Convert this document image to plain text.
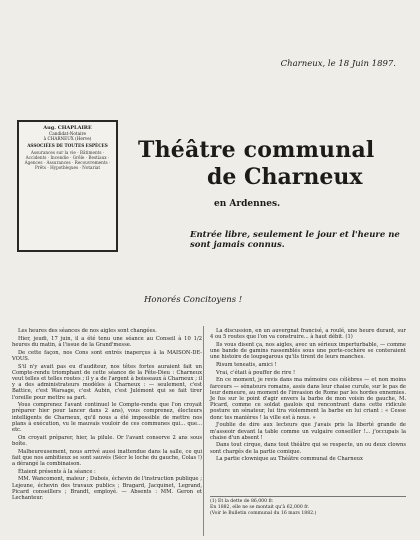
Charneux, le 18 Juin 1897.
Aug. CHAPLAIRE
Candidat-Notaire
à CHARNEUX (Herve)
ASSOCIÉES DE TOUTES ESPÈCES
Assurances sur la vie · Bâtiments · Accidents · Incendie · Grêle · Bestiaux · Agences · Assurances · Recouvrements · Prêts · Hypothèques · Notariat
Théâtre communal
de Charneux
en Ardennes.
Entrée libre, seulement le jour et l'heure ne sont jamais connus.
Honorés Concitoyens !

Les heures des séances de nos aigles sont changées.

Hier, jeudi, 17 juin, il a été tenu une séance au Conseil à 10 1/2 heures du matin, à l'issue de la Grand'messe.

De cette façon, nos Cons sont entrés inaperçus à la MAISON-DE-VOUS.

S'il n'y avait pas eu d'auditeur, nos têtes fortes auraient fait un Compte-rendu triomphant de cette séance de la Fête-Dieu : Charneux veut telles et telles routes ; il y a de l'argent à boisseaux à Charneux ; il y a des administrateurs modèles à Charneux : — seulement, c'est Battice, c'est Warsage, c'est Aubin, c'est Julémont qui se fait tirer l'oreille pour mettre sa part.

Vous comprenez l'avant continuel le Compte-rendu que l'on croyait préparer hier pour lancer dans 2 ans), vous comprenez, électeurs intelligents de Charneux, qu'il nous a été impossible de mettre nos plans à exécution, vu le mauvais vouloir de ces communes qui... que... etc.

On croyait préparer, hier, la pilule. Or l'avant conserve 2 ans sous boîte.

Malheureusement, nous arrivé aussi inattendue dans la salle, ce qui fait que nos ambitieux se sont sauvés (Sécr le loche du gauche, Colas !) a dérangé la combinaison.

Étaient présents à la séance :

MM. Wancomont, maïeur ; Dubois, échevin de l'instruction publique ; Lejeune, échevin des travaux publics ; Bragard, Jacquinet, Legrand, Picard conseillers ; Brandt, employé. — Absents : MM. Geron et Lechanteur.

La discussion, en un auvergnat francisé, a roulé, une heure durant, sur 4 ou 5 routes que l'on va construire... à haut débit. (1)

Ils vous disent ça, nos aigles, avec un sérieux imperturbable, — comme une bande de gamins rassemblés sous une porte-cochère se conteraient une histoire de loupsgarous qu'ils tirent de leurs manches.

Risum teneatis, amici !

Vrai, c'était à pouffer de rire !

En ce moment, je revis dans ma mémoire ces célèbres — et non moins farceurs — sénateurs romains, assis dans leur chaise curule, sur le pas de leur demeure, au moment de l'invasion de Rome par les hordes ennemies. Je fus sur le point d'agir envers la barbe de mon voisin de gauche, M. Picard, comme ce soldat gaulois qui rencontrant dans cette ridicule posture un sénateur, lui tira violemment la barbe en lui criant : « Cesse donc tes manières ! la ville est à nous. »

J'oublie de dire aux lecteurs que j'avais pris la liberté grande de m'asseoir devant la table comme un vulgaire conseiller !... j'occupais la chaise d'un absent !

Dans tout cirque, dans tout théâtre qui se respecte, un ou deux clowns sont chargés de la partie comique.

La partie clownique au Théâtre communal de Charneux

(1) Et la dette de 86,000 fr.
En 1882, elle ne se montait qu'à 62,000 fr.
(Voir le Bulletin communal du 16 mars 1882.)
